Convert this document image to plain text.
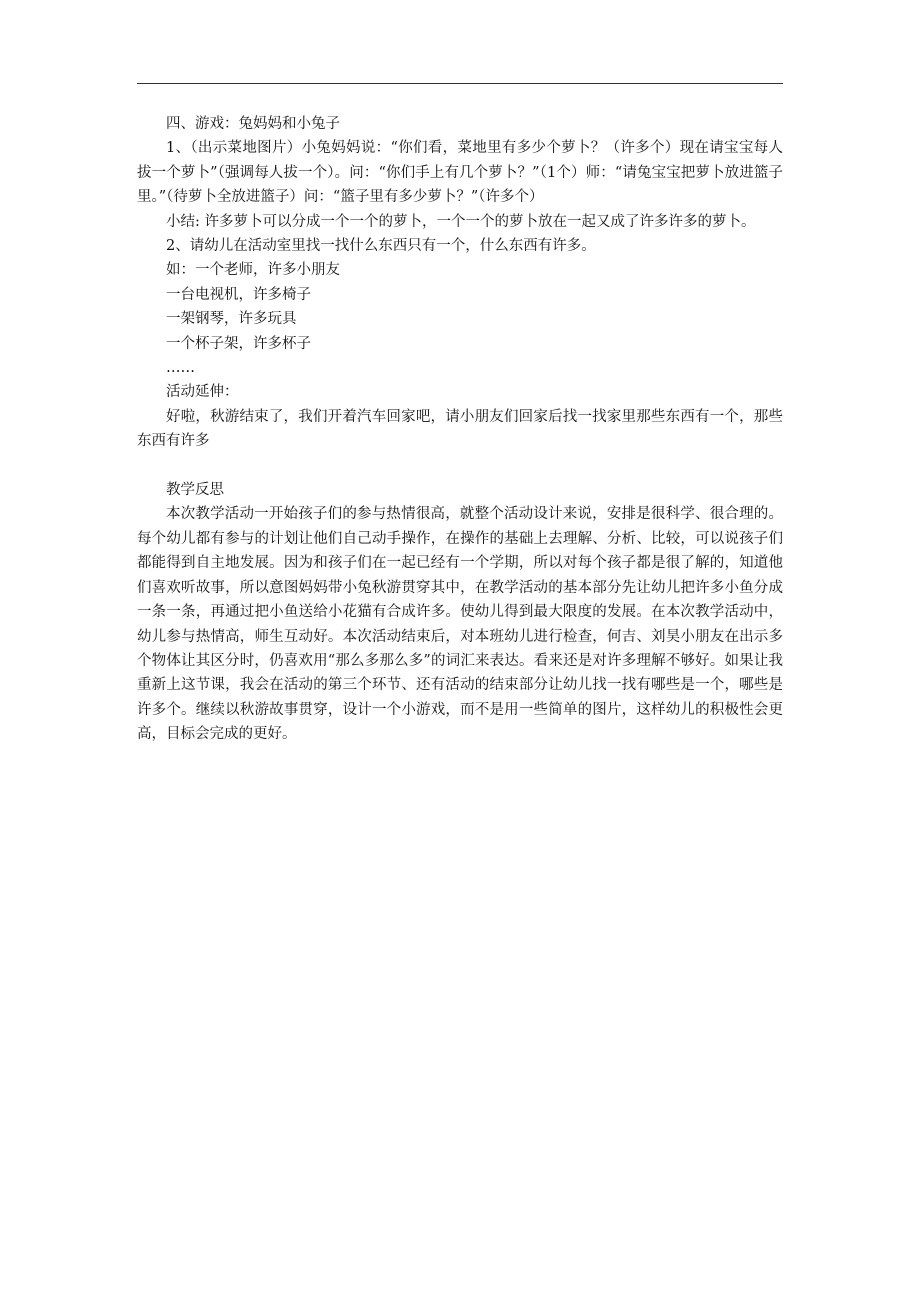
四、游戏：兔妈妈和小兔子

1、（出示菜地图片）小兔妈妈说：“你们看，菜地里有多少个萝卜？（许多个）现在请宝宝每人拔一个萝卜”（强调每人拔一个）。问：“你们手上有几个萝卜？”（1个）师：“请兔宝宝把萝卜放进篮子里。”（待萝卜全放进篮子）问：“篮子里有多少萝卜？”（许多个）

小结: 许多萝卜可以分成一个一个的萝卜，一个一个的萝卜放在一起又成了许多许多的萝卜。

2、请幼儿在活动室里找一找什么东西只有一个，什么东西有许多。

如：一个老师，许多小朋友

一台电视机，许多椅子

一架钢琴，许多玩具

一个杯子架，许多杯子

……

活动延伸：

好啦，秋游结束了，我们开着汽车回家吧，请小朋友们回家后找一找家里那些东西有一个，那些东西有许多

教学反思

本次教学活动一开始孩子们的参与热情很高，就整个活动设计来说，安排是很科学、很合理的。每个幼儿都有参与的计划让他们自己动手操作，在操作的基础上去理解、分析、比较，可以说孩子们都能得到自主地发展。因为和孩子们在一起已经有一个学期，所以对每个孩子都是很了解的，知道他们喜欢听故事，所以意图妈妈带小兔秋游贯穿其中，在教学活动的基本部分先让幼儿把许多小鱼分成一条一条，再通过把小鱼送给小花猫有合成许多。使幼儿得到最大限度的发展。在本次教学活动中，幼儿参与热情高，师生互动好。本次活动结束后，对本班幼儿进行检查，何吉、刘昊小朋友在出示多个物体让其区分时，仍喜欢用“那么多那么多”的词汇来表达。看来还是对许多理解不够好。如果让我重新上这节课，我会在活动的第三个环节、还有活动的结束部分让幼儿找一找有哪些是一个，哪些是许多个。继续以秋游故事贯穿，设计一个小游戏，而不是用一些简单的图片，这样幼儿的积极性会更高，目标会完成的更好。
